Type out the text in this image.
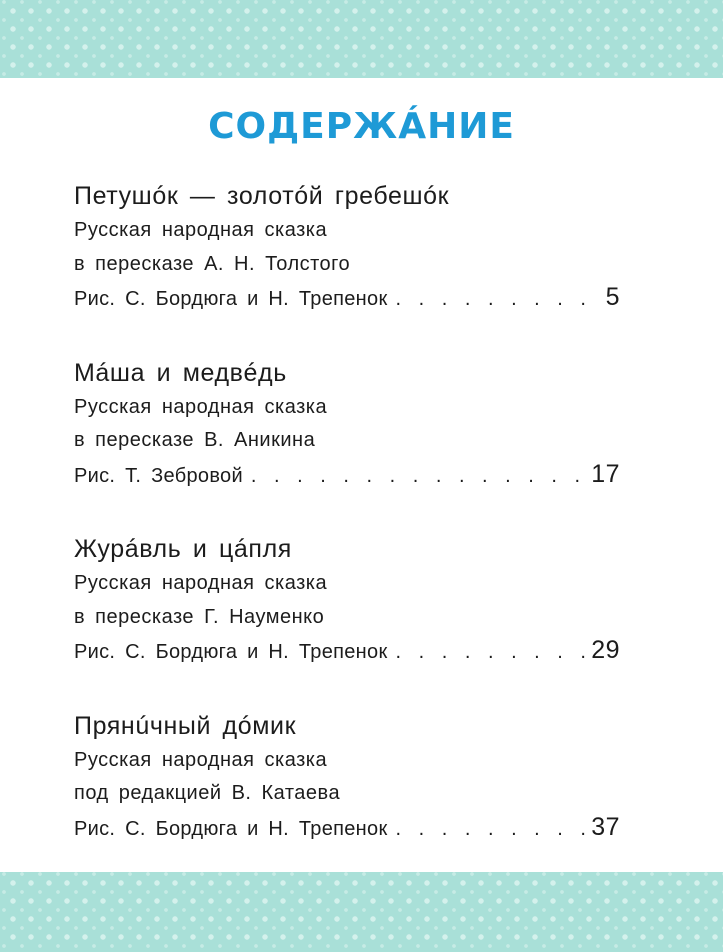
СОДЕРЖÁНИЕ
Петушóк — золотóй гребешóк
Русская народная сказка
в пересказе А. Н. Толстого
Рис. С. Бордюга и Н. Трепенок . . .	5
Мáша и медвéдь
Русская народная сказка
в пересказе В. Аникина
Рис. Т. Зебровой . . .	17
Журáвль и цáпля
Русская народная сказка
в пересказе Г. Науменко
Рис. С. Бордюга и Н. Трепенок . . .	29
Прянúчный дóмик
Русская народная сказка
под редакцией В. Катаева
Рис. С. Бордюга и Н. Трепенок . . .	37
